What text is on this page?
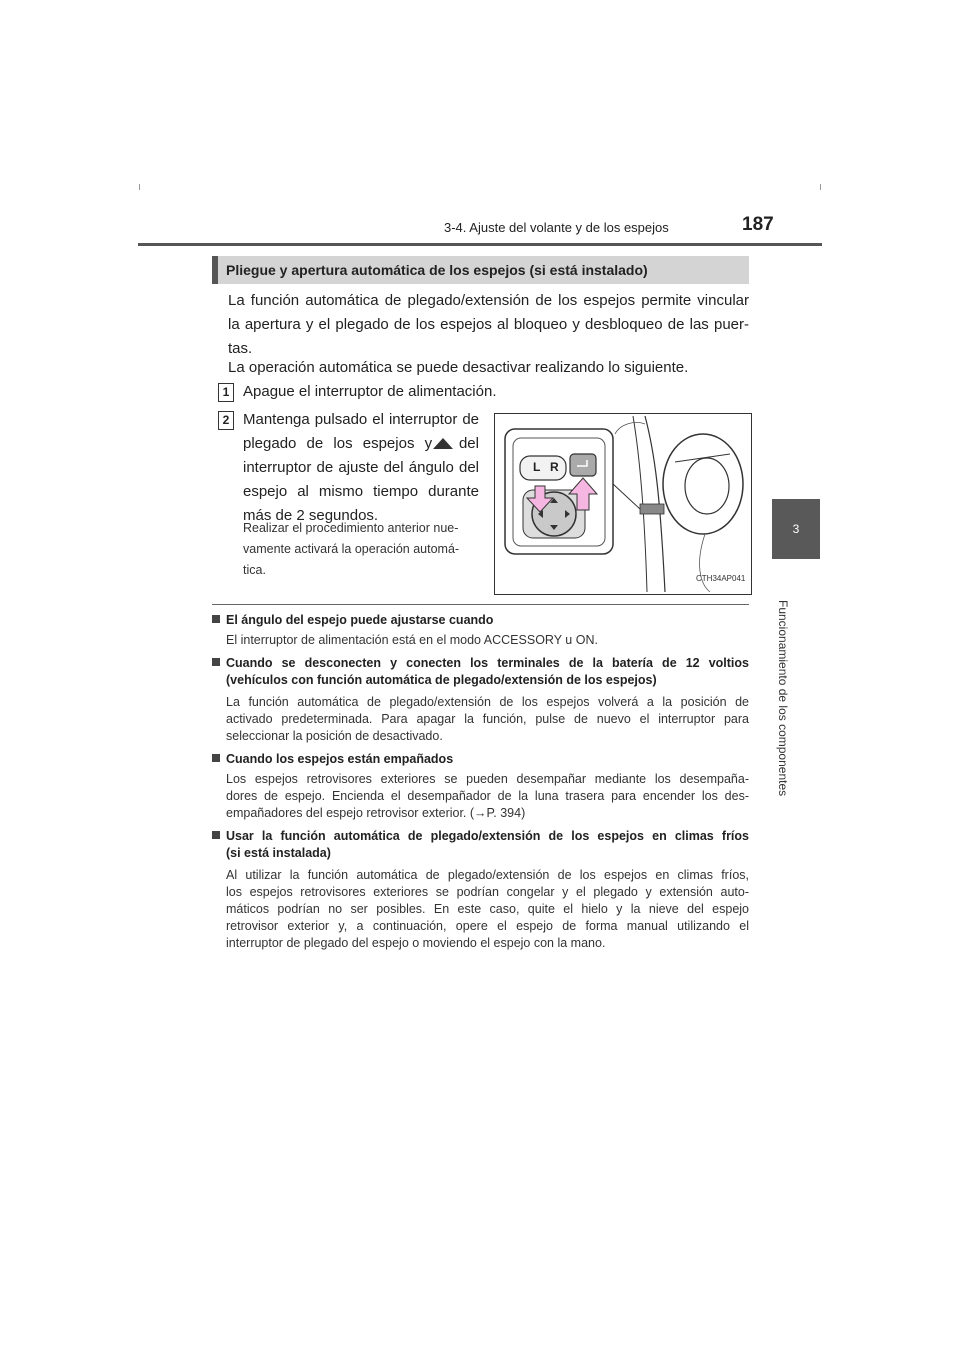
3-4. Ajuste del volante y de los espejos	187
3
Funcionamiento de los componentes
Pliegue y apertura automática de los espejos (si está instalado)
La función automática de plegado/extensión de los espejos permite vincular
la apertura y el plegado de los espejos al bloqueo y desbloqueo de las puer-
tas.
La operación automática se puede desactivar realizando lo siguiente.
1 Apague el interruptor de alimentación.
2 Mantenga pulsado el interruptor de
plegado de los espejos y del
interruptor de ajuste del ángulo del
espejo al mismo tiempo durante
más de 2 segundos.
Realizar el procedimiento anterior nue-
vamente activará la operación automá-
tica.
L R
CTH34AP041
El ángulo del espejo puede ajustarse cuando
El interruptor de alimentación está en el modo ACCESSORY u ON.
Cuando se desconecten y conecten los terminales de la batería de 12 voltios
(vehículos con función automática de plegado/extensión de los espejos)
La función automática de plegado/extensión de los espejos volverá a la posición de
activado predeterminada. Para apagar la función, pulse de nuevo el interruptor para
seleccionar la posición de desactivado.
Cuando los espejos están empañados
Los espejos retrovisores exteriores se pueden desempañar mediante los desempaña-
dores de espejo. Encienda el desempañador de la luna trasera para encender los des-
empañadores del espejo retrovisor exterior. (→P. 394)
Usar la función automática de plegado/extensión de los espejos en climas fríos
(si está instalada)
Al utilizar la función automática de plegado/extensión de los espejos en climas fríos,
los espejos retrovisores exteriores se podrían congelar y el plegado y extensión auto-
máticos podrían no ser posibles. En este caso, quite el hielo y la nieve del espejo
retrovisor exterior y, a continuación, opere el espejo de forma manual utilizando el
interruptor de plegado del espejo o moviendo el espejo con la mano.
